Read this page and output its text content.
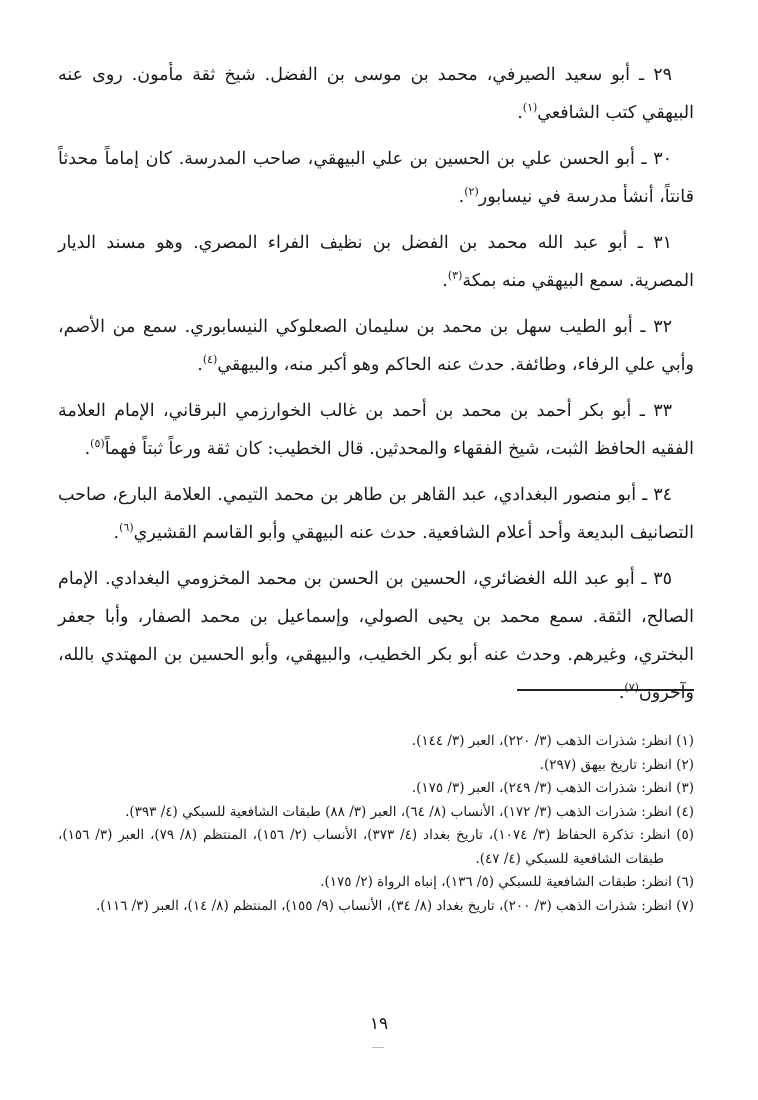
٢٩ ـ أبو سعيد الصيرفي، محمد بن موسى بن الفضل. شيخ ثقة مأمون. روى عنه البيهقي كتب الشافعي$^{(١)}$.

٣٠ ـ أبو الحسن علي بن الحسين بن علي البيهقي، صاحب المدرسة. كان إماماً محدثاً قانتاً، أنشأ مدرسة في نيسابور$^{(٢)}$.

٣١ ـ أبو عبد الله محمد بن الفضل بن نظيف الفراء المصري. وهو مسند الديار المصرية. سمع البيهقي منه بمكة$^{(٣)}$.

٣٢ ـ أبو الطيب سهل بن محمد بن سليمان الصعلوكي النيسابوري. سمع من الأصم، وأبي علي الرفاء، وطائفة. حدث عنه الحاكم وهو أكبر منه، والبيهقي$^{(٤)}$.

٣٣ ـ أبو بكر أحمد بن محمد بن أحمد بن غالب الخوارزمي البرقاني، الإمام العلامة الفقيه الحافظ الثبت، شيخ الفقهاء والمحدثين. قال الخطيب: كان ثقة ورعاً ثبتاً فهماً$^{(٥)}$.

٣٤ ـ أبو منصور البغدادي، عبد القاهر بن طاهر بن محمد التيمي. العلامة البارع، صاحب التصانيف البديعة وأحد أعلام الشافعية. حدث عنه البيهقي وأبو القاسم القشيري$^{(٦)}$.

٣٥ ـ أبو عبد الله الغضائري، الحسين بن الحسن بن محمد المخزومي البغدادي. الإمام الصالح، الثقة. سمع محمد بن يحيى الصولي، وإسماعيل بن محمد الصفار، وأبا جعفر البختري، وغيرهم. وحدث عنه أبو بكر الخطيب، والبيهقي، وأبو الحسين بن المهتدي بالله، وآخرون$^{(٧)}$.

(١) انظر: شذرات الذهب (٣/ ٢٢٠)، العبر (٣/ ١٤٤).

(٢) انظر: تاريخ بيهق (٢٩٧).

(٣) انظر: شذرات الذهب (٣/ ٢٤٩)، العبر (٣/ ١٧٥).

(٤) انظر: شذرات الذهب (٣/ ١٧٢)، الأنساب (٨/ ٦٤)، العبر (٣/ ٨٨) طبقات الشافعية للسبكي (٤/ ٣٩٣).

(٥) انظر: تذكرة الحفاظ (٣/ ١٠٧٤)، تاريخ بغداد (٤/ ٣٧٣)، الأنساب (٢/ ١٥٦)، المنتظم (٨/ ٧٩)، العبر (٣/ ١٥٦)، طبقات الشافعية للسبكي (٤/ ٤٧).

(٦) انظر: طبقات الشافعية للسبكي (٥/ ١٣٦)، إنباه الرواة (٢/ ١٧٥).

(٧) انظر: شذرات الذهب (٣/ ٢٠٠)، تاريخ بغداد (٨/ ٣٤)، الأنساب (٩/ ١٥٥)، المنتظم (٨/ ١٤)، العبر (٣/ ١١٦).

١٩
